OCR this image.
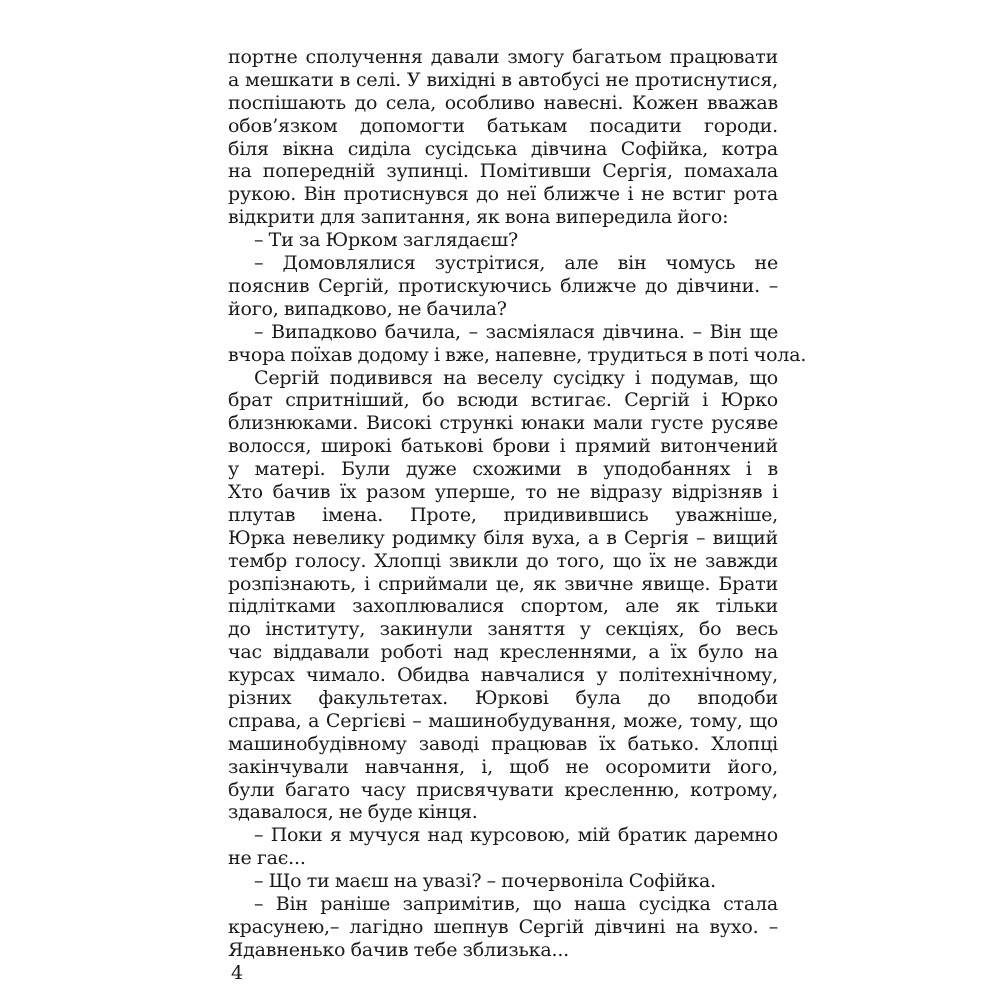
портне сполучення давали змогу багатьом працювати
а мешкати в селі. У вихідні в автобусі не протиснутися,
поспішають до села, особливо навесні. Кожен вважав
обов’язком допомогти батькам посадити городи.
біля вікна сиділа сусідська дівчина Софійка, котра
на попередній зупинці. Помітивши Сергія, помахала
рукою. Він протиснувся до неї ближче і не встиг рота
відкрити для запитання, як вона випередила його:
– Ти за Юрком заглядаєш?
– Домовлялися зустрітися, але він чомусь не
пояснив Сергій, протискуючись ближче до дівчини. –
його, випадково, не бачила?
– Випадково бачила, – засміялася дівчина. – Він ще
вчора поїхав додому і вже, напевне, трудиться в поті чола.
Сергій подивився на веселу сусідку і подумав, що
брат спритніший, бо всюди встигає. Сергій і Юрко
близнюками. Високі стрункі юнаки мали густе русяве
волосся, широкі батькові брови і прямий витончений
у матері. Були дуже схожими в уподобаннях і в
Хто бачив їх разом уперше, то не відразу відрізняв і
плутав імена. Проте, придивившись уважніше,
Юрка невелику родимку біля вуха, а в Сергія – вищий
тембр голосу. Хлопці звикли до того, що їх не завжди
розпізнають, і сприймали це, як звичне явище. Брати
підлітками захоплювалися спортом, але як тільки
до інституту, закинули заняття у секціях, бо весь
час віддавали роботі над кресленнями, а їх було на
курсах чимало. Обидва навчалися у політехнічному,
різних факультетах. Юркові була до вподоби
справа, а Сергієві – машинобудування, може, тому, що
машинобудівному заводі працював їх батько. Хлопці
закінчували навчання, і, щоб не осоромити його,
були багато часу присвячувати кресленню, котрому,
здавалося, не буде кінця.
– Поки я мучуся над курсовою, мій братик даремно
не гає...
– Що ти маєш на увазі? – почервоніла Софійка.
– Він раніше запримітив, що наша сусідка стала
красунею,– лагідно шепнув Сергій дівчині на вухо. –
Ядавненько бачив тебе зблизька...
4
